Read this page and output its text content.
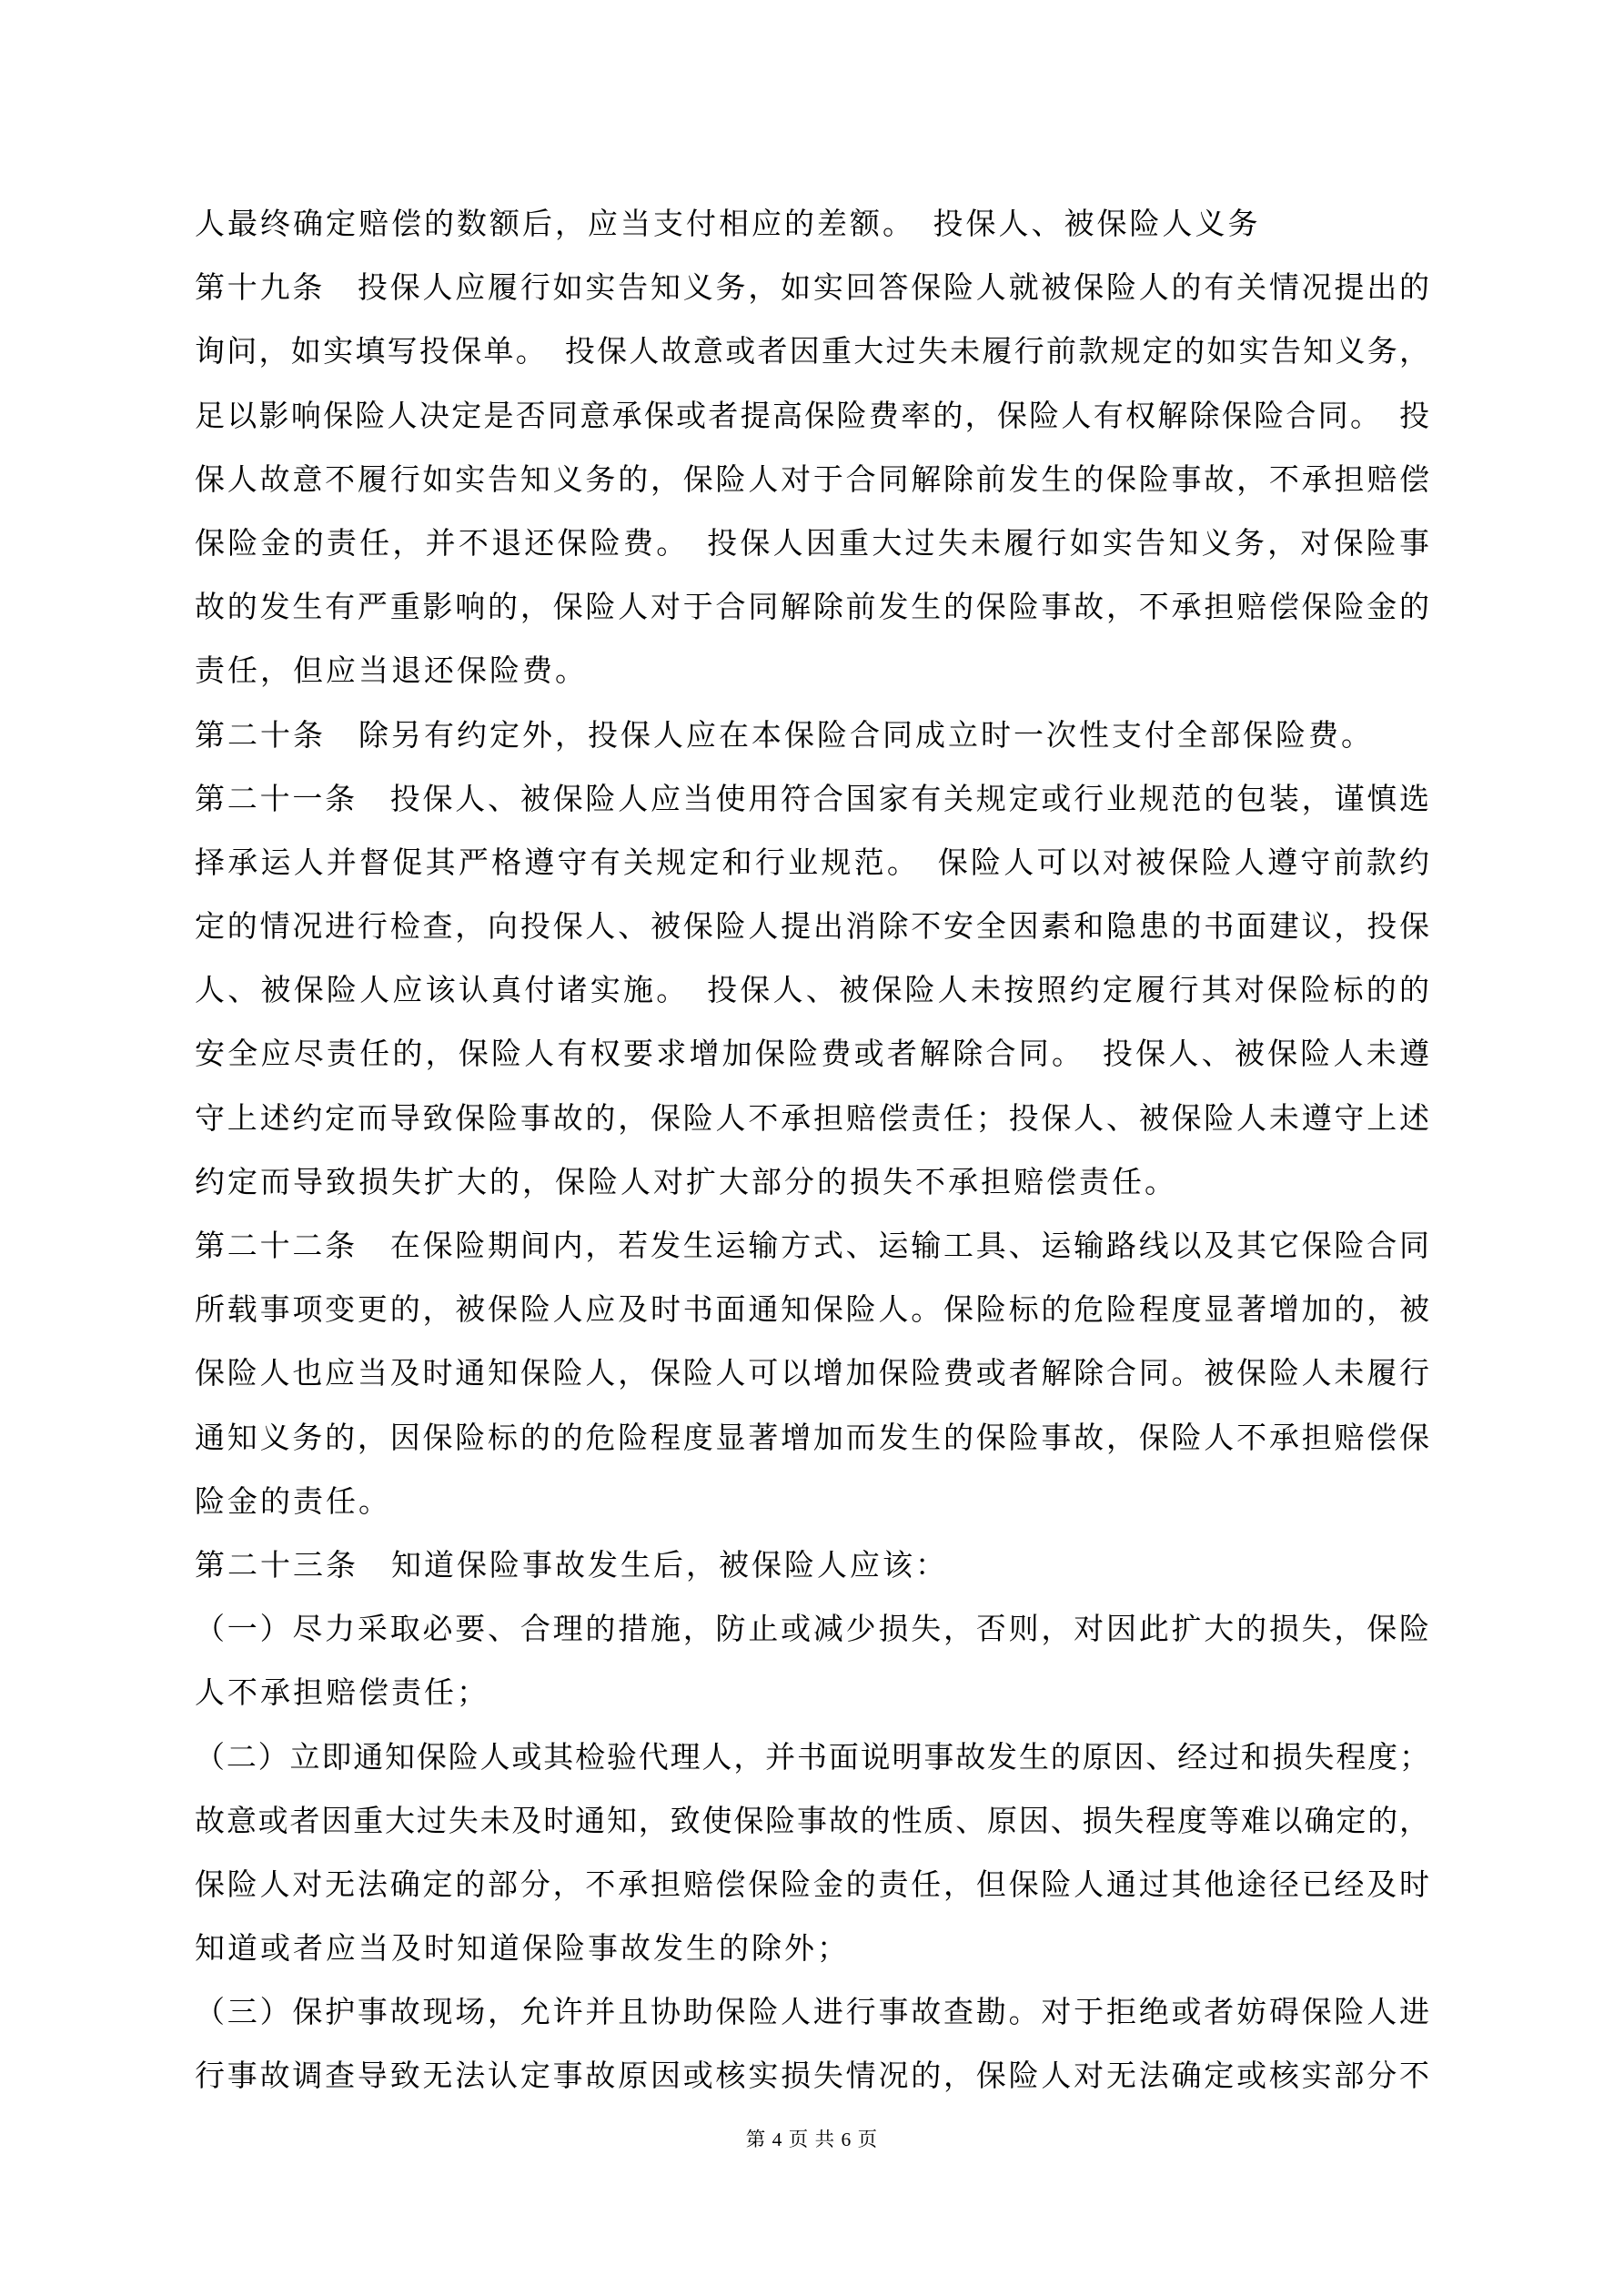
人最终确定赔偿的数额后，应当支付相应的差额。　投保人、被保险人义务
第十九条　投保人应履行如实告知义务，如实回答保险人就被保险人的有关情况提出的
询问，如实填写投保单。　投保人故意或者因重大过失未履行前款规定的如实告知义务，
足以影响保险人决定是否同意承保或者提高保险费率的，保险人有权解除保险合同。　投
保人故意不履行如实告知义务的，保险人对于合同解除前发生的保险事故，不承担赔偿
保险金的责任，并不退还保险费。　投保人因重大过失未履行如实告知义务，对保险事
故的发生有严重影响的，保险人对于合同解除前发生的保险事故，不承担赔偿保险金的
责任，但应当退还保险费。
第二十条　除另有约定外，投保人应在本保险合同成立时一次性支付全部保险费。
第二十一条　投保人、被保险人应当使用符合国家有关规定或行业规范的包装，谨慎选
择承运人并督促其严格遵守有关规定和行业规范。　保险人可以对被保险人遵守前款约
定的情况进行检查，向投保人、被保险人提出消除不安全因素和隐患的书面建议，投保
人、被保险人应该认真付诸实施。　投保人、被保险人未按照约定履行其对保险标的的
安全应尽责任的，保险人有权要求增加保险费或者解除合同。　投保人、被保险人未遵
守上述约定而导致保险事故的，保险人不承担赔偿责任；投保人、被保险人未遵守上述
约定而导致损失扩大的，保险人对扩大部分的损失不承担赔偿责任。
第二十二条　在保险期间内，若发生运输方式、运输工具、运输路线以及其它保险合同
所载事项变更的，被保险人应及时书面通知保险人。保险标的危险程度显著增加的，被
保险人也应当及时通知保险人，保险人可以增加保险费或者解除合同。被保险人未履行
通知义务的，因保险标的的危险程度显著增加而发生的保险事故，保险人不承担赔偿保
险金的责任。
第二十三条　知道保险事故发生后，被保险人应该：
（一）尽力采取必要、合理的措施，防止或减少损失，否则，对因此扩大的损失，保险
人不承担赔偿责任；
（二）立即通知保险人或其检验代理人，并书面说明事故发生的原因、经过和损失程度；
故意或者因重大过失未及时通知，致使保险事故的性质、原因、损失程度等难以确定的，
保险人对无法确定的部分，不承担赔偿保险金的责任，但保险人通过其他途径已经及时
知道或者应当及时知道保险事故发生的除外；
（三）保护事故现场，允许并且协助保险人进行事故查勘。对于拒绝或者妨碍保险人进
行事故调查导致无法认定事故原因或核实损失情况的，保险人对无法确定或核实部分不
第 4 页 共 6 页
